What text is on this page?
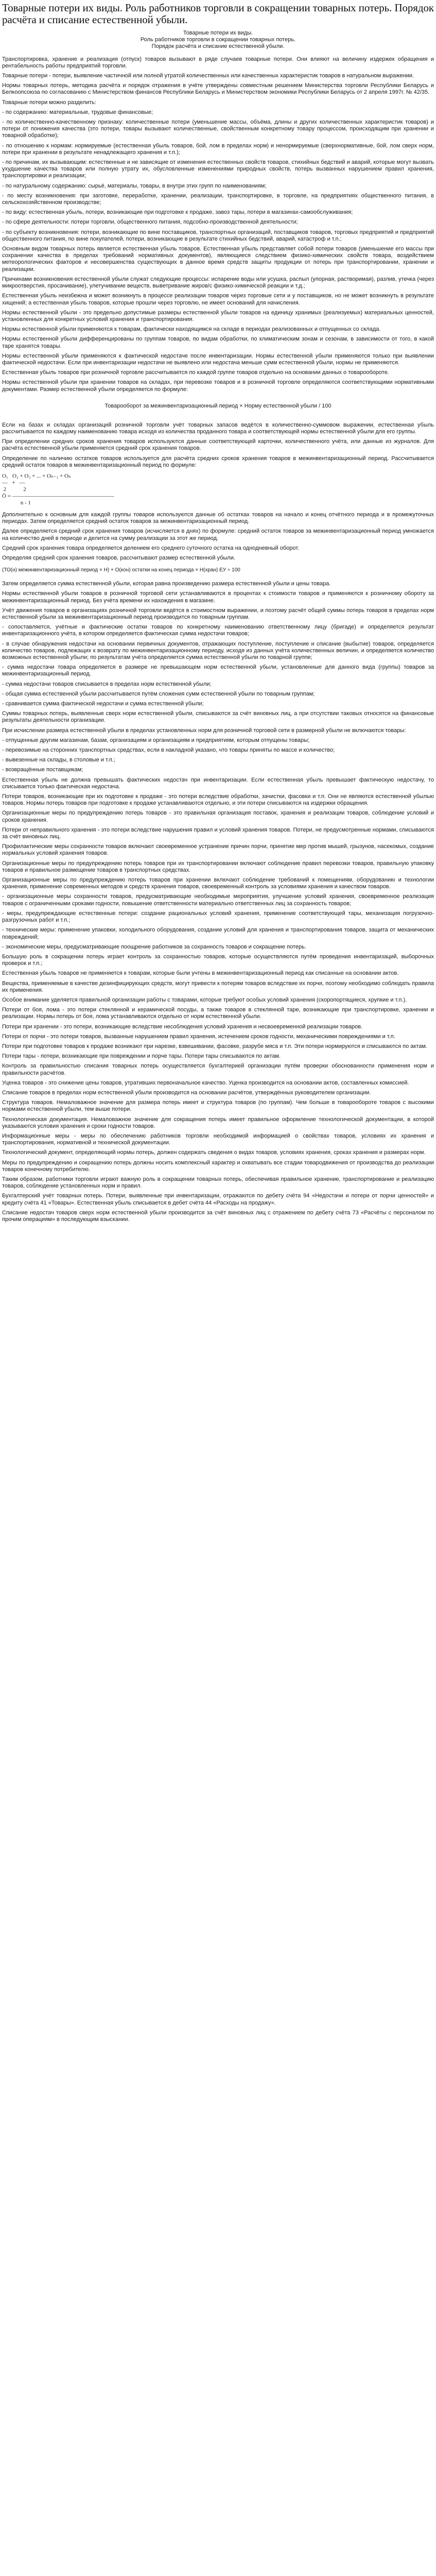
Товарные потери их виды. Роль работников торговли в сокращении товарных потерь. Порядок расчёта и списание естественной убыли.

Товарные потери их виды.

Роль работников торговли в сокращении товарных потерь.

Порядок расчёта и списание естественной убыли.

Транспортировка, хранение и реализация (отпуск) товаров вызывают в ряде случаев товарные потери. Они влияют на величину издержек обращения и рентабельность работы предприятий торговли.

Товарные потери - потери, выявление частичной или полной утратой количественных или качественных характеристик товаров в натуральном выражении.

Нормы товарных потерь, методика расчёта и порядок отражения в учёте утверждены совместным решением Министерства торговли Республики Беларусь и Белкоопсоюза по согласованию с Министерством финансов Республики Беларусь и Министерством экономики Республики Беларусь от 2 апреля 1997г. № 42/35.

Товарные потери можно разделить:

- по содержанию: материальные, трудовые финансовые;

- по количественно-качественному признаку: количественные потери (уменьшение массы, объёма, длины и других количественных характеристик товаров) и потери от понижения качества (это потери, товары вызывают количественные, свойственным конкретному товару процессом, происходящим при хранении и товарной обработке);

- по отношению к нормам: нормируемые (естественная убыль товаров, бой, лом в пределах норм) и ненормируемые (сверхнормативные, бой, лом сверх норм, потери при хранении в результате ненадлежащего хранения и т.п.);

- по причинам, их вызывающим: естественные и не зависящие от изменения естественных свойств товаров, стихийных бедствий и аварий, которые могут вызвать ухудшение качества товаров или полную утрату их, обусловленные изменениями природных свойств, потерь вызванных нарушением правил хранения, транспортировки и реализации;

- по натуральному содержанию: сырьё, материалы, товары, в внутри этих групп по наименованиям;

- по месту возникновения: при заготовке, переработке, хранении, реализации, транспортировке, в торговле, на предприятиях общественного питания, в сельскохозяйственном производстве;

- по виду: естественная убыль, потери, возникающие при подготовке к продаже, завоз тары, потери в магазинах-самообслуживания;

- по сфере деятельности: потери торговли, общественного питания, подсобно-производственной деятельности;

- по субъекту возникновения: потери, возникающие по вине поставщиков, транспортных организаций, поставщиков товаров, торговых предприятий и предприятий общественного питания, по вине покупателей, потери, возникающие в результате стихийных бедствий, аварий, катастроф и т.п.;

Основным видом товарных потерь является естественная убыль товаров. Естественная убыль представляет собой потери товаров (уменьшение его массы при сохранении качества в пределах требований нормативных документов), являющиеся следствием физико-химических свойств товара, воздействием метеорологических факторов и несовершенства существующих в данное время средств защиты продукции от потерь при транспортировании, хранении и реализации.

Причинами возникновения естественной убыли служат следующие процессы: испарение воды или усушка, распыл (упорная, растворимая), разлив, утечка (через микроотверстия, просачивание), улетучивание веществ, выветривание жиров/с физико-химической реакции и т.д.;

Естественная убыль неизбежна и может возникнуть в процессе реализации товаров через торговые сети и у поставщиков, но не может возникнуть в результате хищений; а естественная убыль товаров, которые прошли через торговлю, не имеет оснований для начисления.

Нормы естественной убыли - это предельно допустимые размеры естественной убыли товаров на единицу хранимых (реализуемых) материальных ценностей, установленных для конкретных условий хранения и транспортирования.

Нормы естественной убыли применяются к товарам, фактически находящимся на складе в периодах реализованных и отпущенных со склада.

Нормы естественной убыли дифференцированы по группам товаров, по видам обработки, по климатическим зонам и сезонам, в зависимости от того, в какой таре хранятся товары.

Нормы естественной убыли применяются к фактической недостаче после инвентаризации. Нормы естественной убыли применяются только при выявлении фактической недостачи. Если при инвентаризации недостачи не выявлено или недостача меньше сумм естественной убыли, нормы не применяются.

Естественная убыль товаров при розничной торговле рассчитывается по каждой группе товаров отдельно на основании данных о товарообороте.

Нормы естественной убыли при хранении товаров на складах, при перевозке товаров и в розничной торговле определяются соответствующими нормативными документами. Размер естественной убыли определяется по формуле:

Товарооборот за межинвентаризационный период × Норму естественной убыли / 100

Если на базах и складах организаций розничной торговли учёт товарных запасов ведётся в количественно-суммовом выражении, естественная убыль рассчитывается по каждому наименованию товара исходя из количества проданного товара и соответствующей нормы естественной убыли для его группы.

При определении средних сроков хранения товаров используются данные соответствующей карточки, количественного учёта, или данные из журналов. Для расчёта естественной убыли применяется средний срок хранения товаров.

Определение по наличию остатков товаров используется для расчёта средних сроков хранения товаров в межинвентаризационный период. Рассчитывается средний остаток товаров в межинвентаризационный период по формуле:

О₁   О₂ + О₃ + ... + Оₙ₋₁ + Оₙ
—   +   —
2            2
Ō = ——————————————————
n - 1

Дополнительно к основным для каждой группы товаров используются данные об остатках товаров на начало и конец отчётного периода и в промежуточных периодах. Затем определяется средний остаток товаров за межинвентаризационный период.

Далее определяется средний срок хранения товаров (исчисляется в днях) по формуле: средний остаток товаров за межинвентаризационный период умножается на количество дней в периоде и делится на сумму реализации за этот же период.

Средний срок хранения товара определяется делением его среднего суточного остатка на однодневный оборот.

Определяя средний срок хранения товаров, рассчитывают размер естественной убыли.

(ТО(н) межинвентаризационный период × Н) + О(кон) остатки на конец периода × Н(хран) ЕУ ÷ 100

Затем определяется сумма естественной убыли, которая равна произведению размера естественной убыли и цены товара.

Нормы естественной убыли товаров в розничной торговой сети устанавливаются в процентах к стоимости товаров и применяются к розничному обороту за межинвентаризационный период. Без учёта времени их нахождения в магазине.

Учёт движения товаров в организациях розничной торговли ведётся в стоимостном выражении, и поэтому расчёт общей суммы потерь товаров в пределах норм естественной убыли за межинвентаризационный период производится по товарным группам.

- сопоставляется, учётные и фактические остатки товаров по конкретному наименованию ответственному лицу (бригаде) и определяется результат инвентаризационного учёта, в котором определяется фактическая сумма недостачи товаров;

- в случае обнаружения недостачи на основании первичных документов, отражающих поступление, поступление и списание (выбытие) товаров, определяется количество товаров, подлежащих к возврату по межинвентаризационному периоду, исходя из данных учёта количественных величин, и определяется количество возможных естественной убыли; по результатам учёта определяется сумма естественной убыли по товарной группе;

- сумма недостачи товара определяется в размере не превышающем норм естественной убыли, установленные для данного вида (группы) товаров за межинвентаризационный период.

- сумма недостачи товаров списывается в пределах норм естественной убыли;

- общая сумма естественной убыли рассчитывается путём сложения сумм естественной убыли по товарным группам;

- сравнивается сумма фактической недостачи и сумма естественной убыли;

Суммы товарных потерь, выявленные сверх норм естественной убыли, списываются за счёт виновных лиц, а при отсутствии таковых относятся на финансовые результаты деятельности организации.

При исчислении размера естественной убыли в пределах установленных норм для розничной торговой сети в размерной убыли не включаются товары:

- отпущенные другим магазинам, базам, организациям и организациям и предприятиям, которым отпущены товары;

- перевозимые на сторонних транспортных средствах, если в накладной указано, что товары приняты по массе и количество;

- вывезенные на склады, в столовые и т.п.;

- возвращённые поставщикам;

Естественная убыль не должна превышать фактических недостач при инвентаризации. Если естественная убыль превышает фактическую недостачу, то списывается только фактическая недостача.

Потери товаров, возникающие при их подготовке к продаже - это потери вследствие обработки, зачистки, фасовки и т.п. Они не являются естественной убылью товаров. Нормы потерь товаров при подготовке к продаже устанавливаются отдельно, и эти потери списываются на издержки обращения.

Организационные меры по предупреждению потерь товаров - это правильная организация поставок, хранения и реализации товаров, соблюдение условий и сроков хранения.

Потери от неправильного хранения - это потери вследствие нарушения правил и условий хранения товаров. Потери, не предусмотренные нормами, списываются за счёт виновных лиц.

Профилактические меры сохранности товаров включают своевременное устранение причин порчи, принятие мер против мышей, грызунов, насекомых, создание нормальных условий хранения товаров.

Организационные меры по предупреждению потерь товаров при их транспортировании включают соблюдение правил перевозки товаров, правильную упаковку товаров и правильное размещение товаров в транспортных средствах.

Организационные меры по предупреждению потерь товаров при хранении включают соблюдение требований к помещениям, оборудованию и технологии хранения, применение современных методов и средств хранения товаров, своевременный контроль за условиями хранения и качеством товаров.

- организационные меры сохранности товаров, предусматривающие необходимые мероприятия, улучшение условий хранения, своевременное реализация товаров с ограниченными сроками годности, повышение ответственности материально ответственных лиц за сохранность товаров;

- меры, предупреждающие естественные потери: создание рациональных условий хранения, применение соответствующей тары, механизация погрузочно-разгрузочных работ и т.п.;

- технические меры: применение упаковки, холодильного оборудования, создание условий для хранения и транспортирования товаров, защита от механических повреждений;

- экономические меры, предусматривающие поощрение работников за сохранность товаров и сокращение потерь.

Большую роль в сокращении потерь играет контроль за сохранностью товаров, которые осуществляются путём проведения инвентаризаций, выборочных проверок и т.п.;

Естественная убыль товаров не применяется к товарам, которые были учтены в межинвентаризационный период как списанные на основании актов.

Вещества, применяемые в качестве дезинфицирующих средств, могут привести к потерям товаров вследствие их порчи, поэтому необходимо соблюдать правила их применения.

Особое внимание уделяется правильной организации работы с товарами, которые требуют особых условий хранения (скоропортящиеся, хрупкие и т.п.).

Потери от боя, лома - это потери стеклянной и керамической посуды, а также товаров в стеклянной таре, возникающие при транспортировке, хранении и реализации. Нормы потерь от боя, лома устанавливаются отдельно от норм естественной убыли.

Потери при хранении - это потери, возникающие вследствие несоблюдения условий хранения и несвоевременной реализации товаров.

Потери от порчи - это потери товаров, вызванные нарушением правил хранения, истечением сроков годности, механическими повреждениями и т.п.

Потери при подготовке товаров к продаже возникают при нарезке, взвешивании, фасовке, разрубе мяса и т.п. Эти потери нормируются и списываются по актам.

Потери тары - потери, возникающие при повреждении и порче тары. Потери тары списываются по актам.

Контроль за правильностью списания товарных потерь осуществляется бухгалтерией организации путём проверки обоснованности применения норм и правильности расчётов.

Уценка товаров - это снижение цены товаров, утративших первоначальное качество. Уценка производится на основании актов, составленных комиссией.

Списание товаров в пределах норм естественной убыли производится на основании расчётов, утверждённых руководителем организации.

Структура товаров. Немаловажное значение для размера потерь имеет и структура товаров (по группам). Чем больше в товарообороте товаров с высокими нормами естественной убыли, тем выше потери.

Технологическая документация. Немаловажное значение для сокращения потерь имеет правильное оформление технологической документации, в которой указываются условия хранения и сроки годности товаров.

Информационные меры - меры по обеспечению работников торговли необходимой информацией о свойствах товаров, условиях их хранения и транспортирования, нормативной и технической документации.

Технологический документ, определяющий нормы потерь, должен содержать сведения о видах товаров, условиях хранения, сроках хранения и размерах норм.

Меры по предупреждению и сокращению потерь должны носить комплексный характер и охватывать все стадии товародвижения от производства до реализации товаров конечному потребителю.

Таким образом, работники торговли играют важную роль в сокращении товарных потерь, обеспечивая правильное хранение, транспортирование и реализацию товаров, соблюдение установленных норм и правил.

Бухгалтерский учёт товарных потерь. Потери, выявленные при инвентаризации, отражаются по дебету счёта 94 «Недостачи и потери от порчи ценностей» и кредиту счёта 41 «Товары». Естественная убыль списывается в дебет счёта 44 «Расходы на продажу».

Списание недостач товаров сверх норм естественной убыли производится за счёт виновных лиц с отражением по дебету счёта 73 «Расчёты с персоналом по прочим операциям» в последующим взыскании.
